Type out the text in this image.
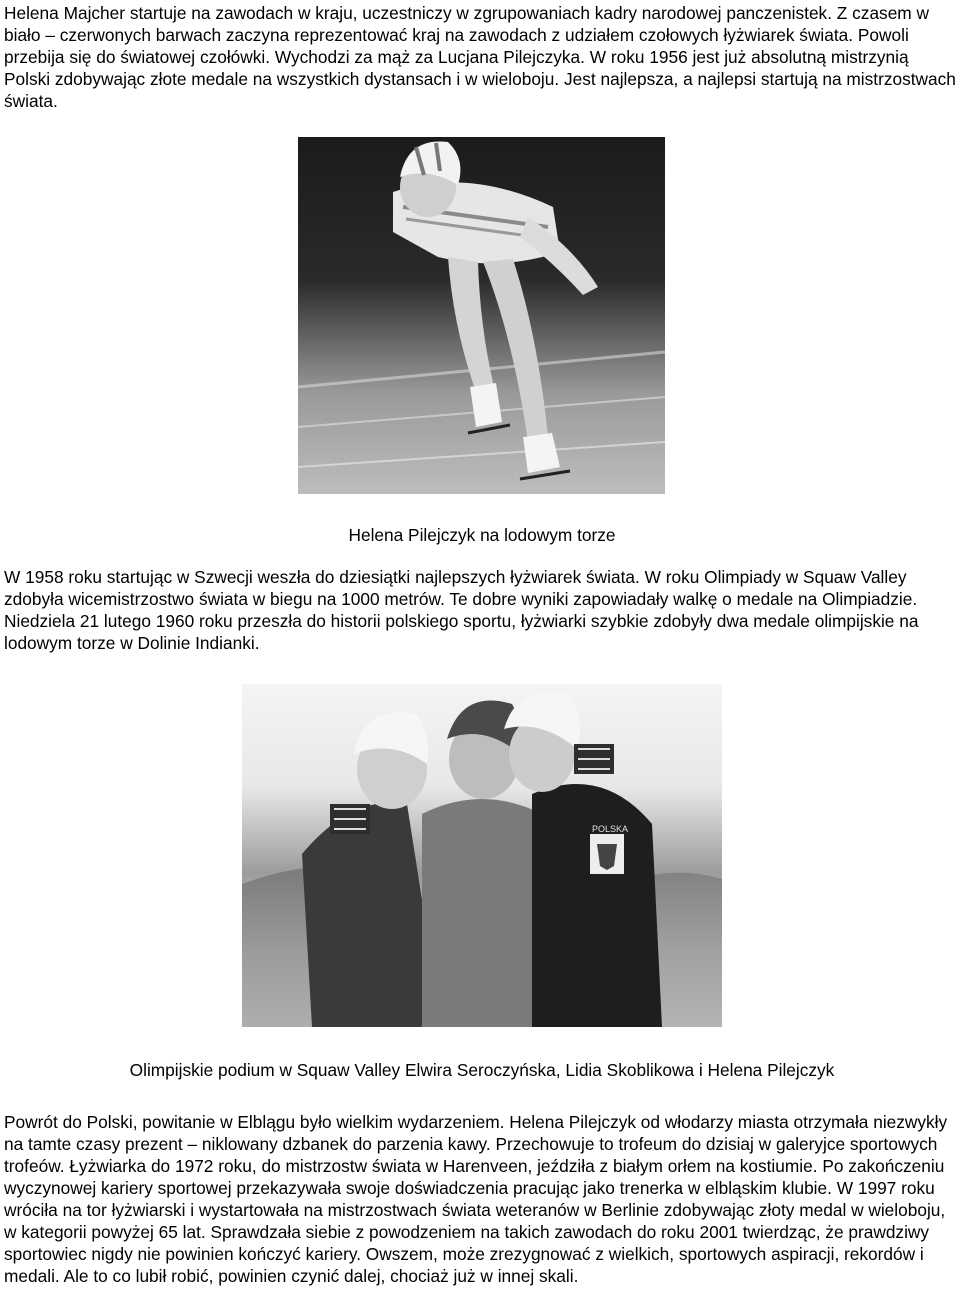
Helena Majcher startuje na zawodach w kraju, uczestniczy w zgrupowaniach kadry narodowej panczenistek. Z czasem w biało – czerwonych barwach zaczyna reprezentować kraj na zawodach z udziałem czołowych łyżwiarek świata. Powoli przebija się do światowej czołówki. Wychodzi za mąż za Lucjana Pilejczyka. W roku 1956 jest już absolutną mistrzynią Polski zdobywając złote medale na wszystkich dystansach i w wieloboju. Jest najlepsza, a najlepsi startują na mistrzostwach świata.

Helena Pilejczyk na lodowym torze

W 1958 roku startując w Szwecji weszła do dziesiątki najlepszych łyżwiarek świata. W roku Olimpiady w Squaw Valley zdobyła wicemistrzostwo świata w biegu na 1000 metrów. Te dobre wyniki zapowiadały walkę o medale na Olimpiadzie. Niedziela 21 lutego 1960 roku przeszła do historii polskiego sportu, łyżwiarki szybkie zdobyły dwa medale olimpijskie na lodowym torze w Dolinie Indianki.

POLSKA

Olimpijskie podium w Squaw Valley Elwira Seroczyńska, Lidia Skoblikowa i Helena Pilejczyk

Powrót do Polski, powitanie w Elblągu było wielkim wydarzeniem. Helena Pilejczyk od włodarzy miasta otrzymała niezwykły na tamte czasy prezent – niklowany dzbanek do parzenia kawy. Przechowuje to trofeum do dzisiaj w galeryjce sportowych trofeów. Łyżwiarka do 1972 roku, do mistrzostw świata w Harenveen, jeździła z białym orłem na kostiumie. Po zakończeniu wyczynowej kariery sportowej przekazywała swoje doświadczenia pracując jako trenerka w elbląskim klubie. W 1997 roku wróciła na tor łyżwiarski i wystartowała na mistrzostwach świata weteranów w Berlinie zdobywając złoty medal w wieloboju, w kategorii powyżej 65 lat. Sprawdzała siebie z powodzeniem na takich zawodach do roku 2001 twierdząc, że prawdziwy sportowiec nigdy nie powinien kończyć kariery. Owszem, może zrezygnować z wielkich, sportowych aspiracji, rekordów i medali. Ale to co lubił robić, powinien czynić dalej, chociaż już w innej skali.
